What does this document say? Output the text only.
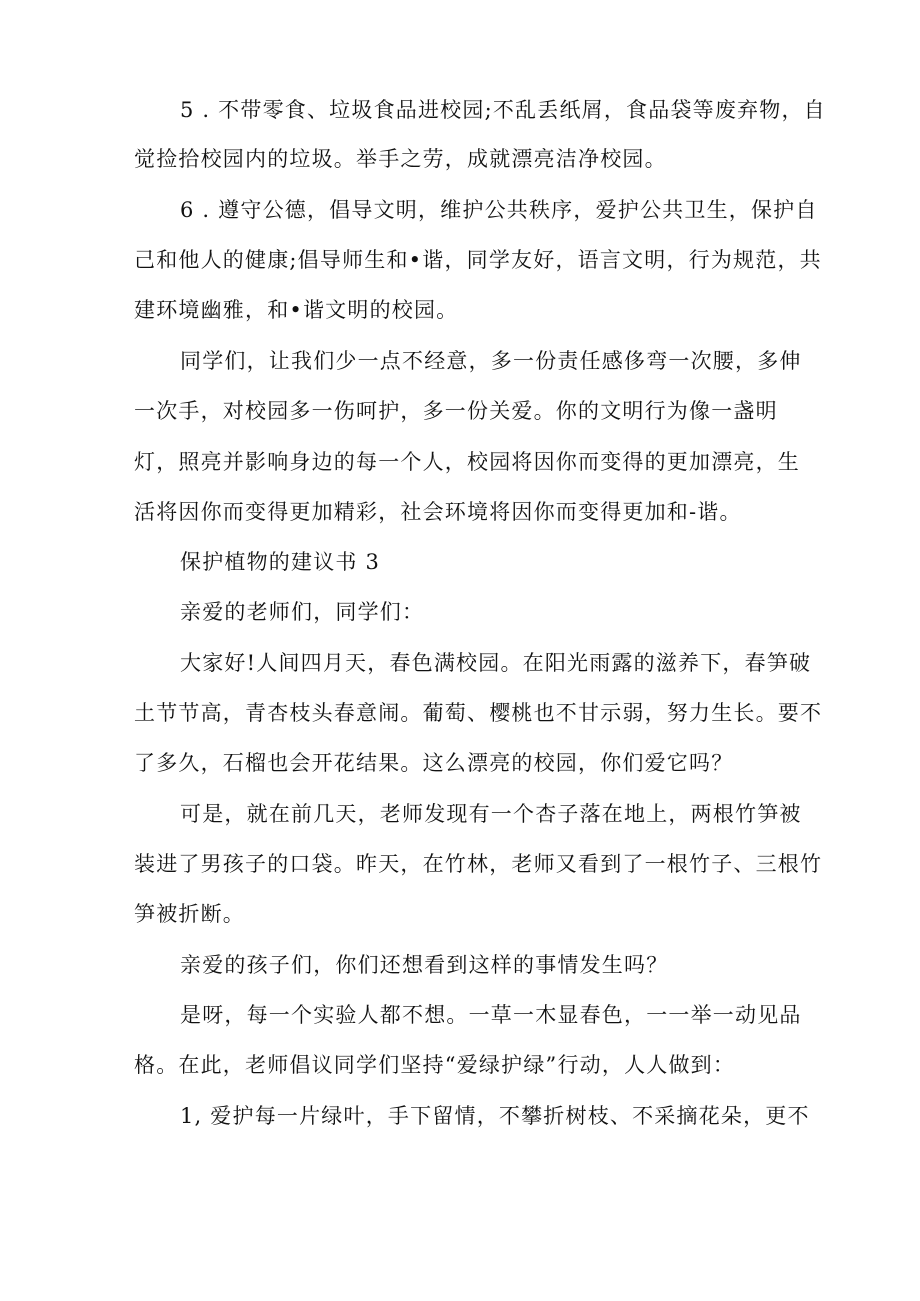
5 . 不带零食、垃圾食品进校园;不乱丢纸屑，食品袋等废弃物，自
觉捡拾校园内的垃圾。举手之劳，成就漂亮洁净校园。
6 . 遵守公德，倡导文明，维护公共秩序，爱护公共卫生，保护自
己和他人的健康;倡导师生和•谐，同学友好，语言文明，行为规范，共
建环境幽雅，和•谐文明的校园。
同学们，让我们少一点不经意，多一份责任感侈弯一次腰，多伸
一次手，对校园多一伤呵护，多一份关爱。你的文明行为像一盏明
灯，照亮并影响身边的每一个人，校园将因你而变得的更加漂亮，生
活将因你而变得更加精彩，社会环境将因你而变得更加和-谐。
保护植物的建议书 3
亲爱的老师们，同学们：
大家好!人间四月天，春色满校园。在阳光雨露的滋养下，春笋破
土节节高，青杏枝头春意闹。葡萄、樱桃也不甘示弱，努力生长。要不
了多久，石榴也会开花结果。这么漂亮的校园，你们爱它吗？
可是，就在前几天，老师发现有一个杏子落在地上，两根竹笋被
装进了男孩子的口袋。昨天，在竹林，老师又看到了一根竹子、三根竹
笋被折断。
亲爱的孩子们，你们还想看到这样的事情发生吗？
是呀，每一个实验人都不想。一草一木显春色，一一举一动见品
格。在此，老师倡议同学们坚持“爱绿护绿”行动，人人做到：
1, 爱护每一片绿叶，手下留情，不攀折树枝、不采摘花朵，更不
